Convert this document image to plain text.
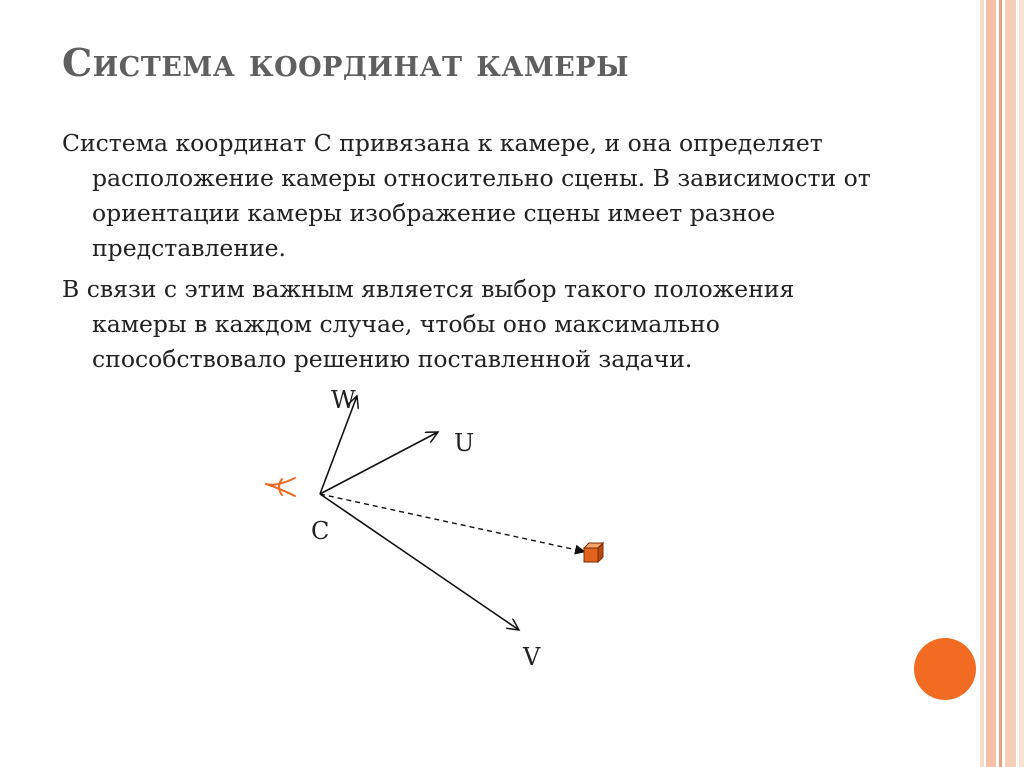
Система координат камеры

Система координат C привязана к камере, и она определяет расположение камеры относительно сцены. В зависимости от ориентации камеры изображение сцены имеет разное представление.

В связи с этим важным является выбор такого положения камеры в каждом случае, чтобы оно максимально способствовало решению поставленной задачи.

W
U
V
C
